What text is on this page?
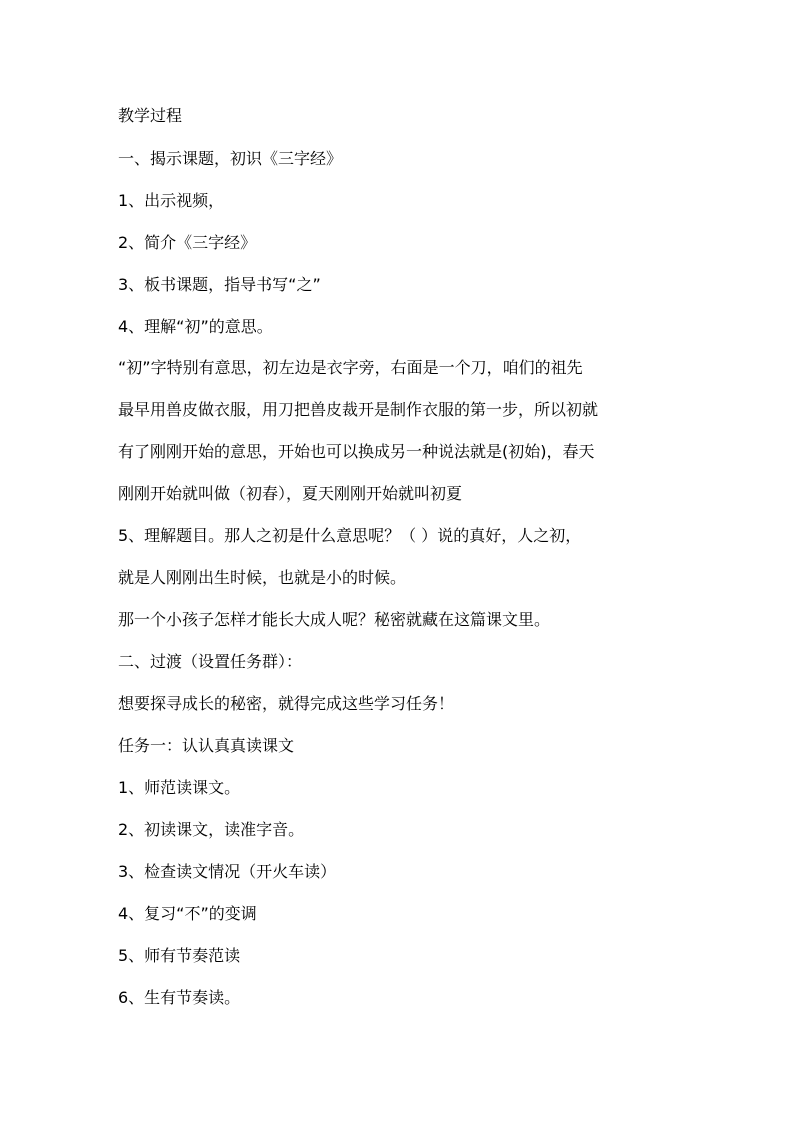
教学过程
一、揭示课题，初识《三字经》
1、出示视频，
2、简介《三字经》
3、板书课题，指导书写“之”
4、理解“初”的意思。
“初”字特别有意思，初左边是衣字旁，右面是一个刀，咱们的祖先
最早用兽皮做衣服，用刀把兽皮裁开是制作衣服的第一步，所以初就
有了刚刚开始的意思，开始也可以换成另一种说法就是(初始)，春天
刚刚开始就叫做（初春），夏天刚刚开始就叫初夏
5、理解题目。那人之初是什么意思呢？（ ）说的真好，人之初，
就是人刚刚出生时候，也就是小的时候。
那一个小孩子怎样才能长大成人呢？秘密就藏在这篇课文里。
二、过渡（设置任务群）：
想要探寻成长的秘密，就得完成这些学习任务！
任务一：认认真真读课文
1、师范读课文。
2、初读课文，读准字音。
3、检查读文情况（开火车读）
4、复习“不”的变调
5、师有节奏范读
6、生有节奏读。
